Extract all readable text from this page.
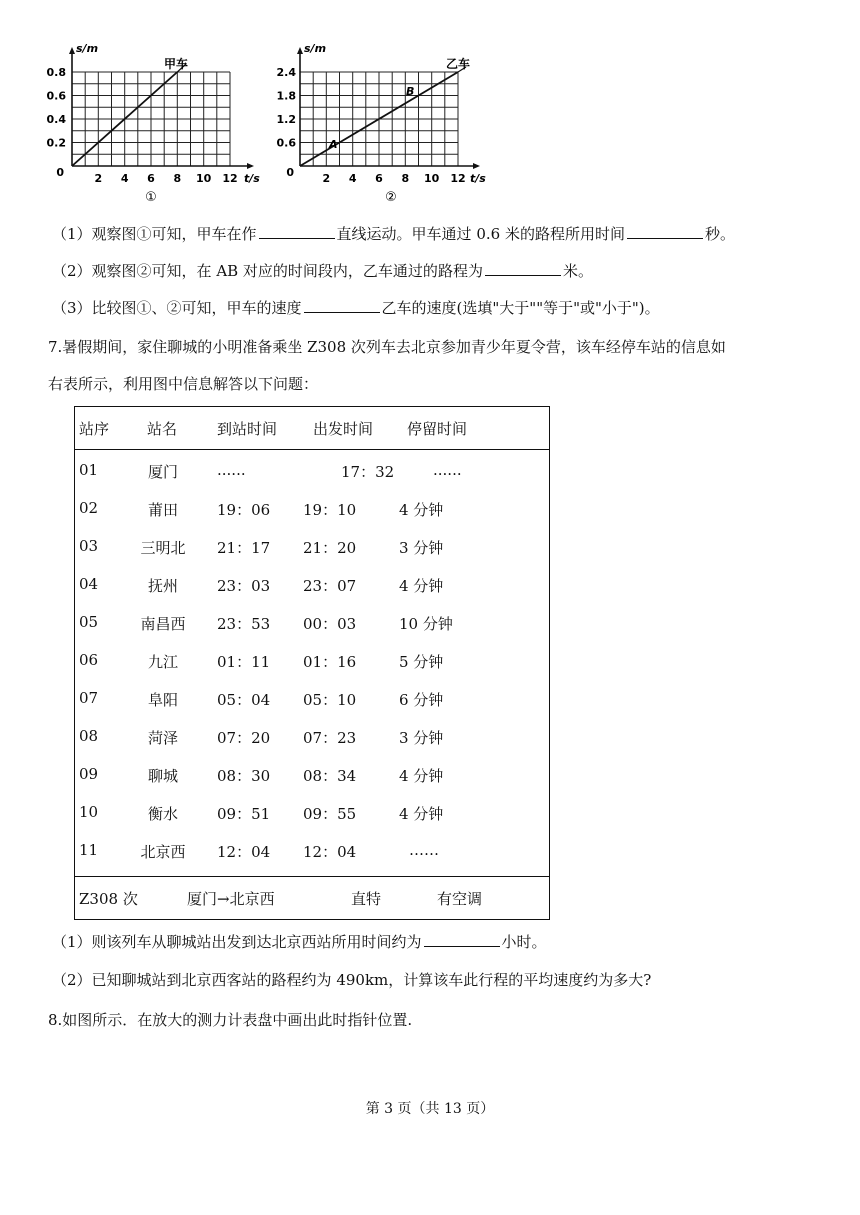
s/m
甲车
0.8
0.6
0.4
0.2
0	2 4 6 8 10 12 t/s
①
s/m
乙车
A
B
2.4
1.8
1.2
0.6
0	2 4 6 8 10 12 t/s
②
（1）观察图①可知，甲车在作	直线运动。甲车通过 0.6 米的路程所用时间	秒。
（2）观察图②可知，在 AB 对应的时间段内，乙车通过的路程为	米。
（3）比较图①、②可知，甲车的速度	乙车的速度(选填"大于""等于"或"小于")。
7.暑假期间，家住聊城的小明准备乘坐 Z308 次列车去北京参加青少年夏令营，该车经停车站的信息如
右表所示，利用图中信息解答以下问题：
站序	站名	到站时间 出发时间 停留时间
01	厦门	......	17：32	......
02	莆田	19：06 19：10	4 分钟
03	三明北	21：17 21：20	3 分钟
04	抚州	23：03 23：07	4 分钟
05	南昌西	23：53 00：03	10 分钟
06	九江	01：11 01：16	5 分钟
07	阜阳	05：04 05：10	6 分钟
08	菏泽	07：20 07：23	3 分钟
09	聊城	08：30 08：34	4 分钟
10	衡水	09：51 09：55	4 分钟
11	北京西	12：04 12：04	……
Z308 次	厦门→北京西	直特	有空调
（1）则该列车从聊城站出发到达北京西站所用时间约为	小时。
（2）已知聊城站到北京西客站的路程约为 490km，计算该车此行程的平均速度约为多大?
8.如图所示．在放大的测力计表盘中画出此时指针位置.
第 3 页（共 13 页）
